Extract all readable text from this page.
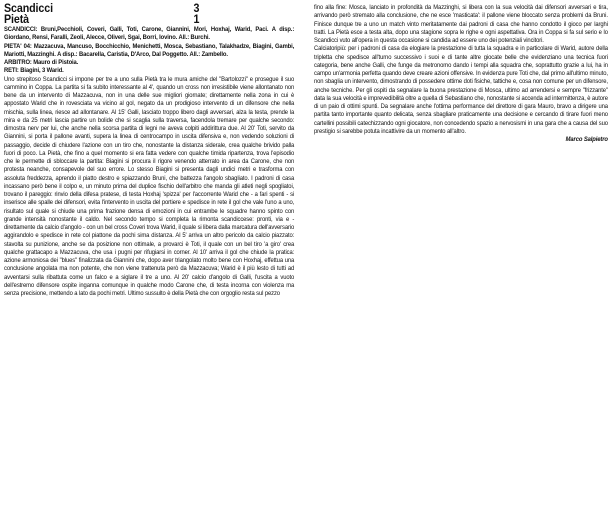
Scandicci	3
Pietà	1

SCANDICCI: Bruni,Pecchioli, Coveri, Galli, Toti, Carone, Giannini, Mori, Hoxhaj, Warid, Paci. A disp.: Giordano, Rensi, Faralli, Zeoli, Alecce, Oliveri, Sgai, Borri, Iovino. All.: Burchi.

PIETA' 04: Mazzacuva, Mancuso, Bocchicchio, Menichetti, Mosca, Sebastiano, Talakhadze, Biagini, Gambi, Mariotti, Mazzinghi. A disp.: Bacarella, Caristia, D'Arco, Dal Poggetto. All.: Zambello.

ARBITRO: Mauro di Pistoia.

RETI: Biagini, 3 Warid.

Uno strepitoso Scandicci si impone per tre a uno sulla Pietà tra le mura amiche del "Bartolozzi" e prosegue il suo cammino in Coppa. La partita si fa subito interessante al 4', quando un cross non irresistibile viene allontanato non bene da un intervento di Mazzacuva, non in una delle sue migliori giornate; direttamente nella zona in cui è appostato Warid che in rovesciata va vicino al gol, negato da un prodigioso intervento di un difensore che nella mischia, sulla linea, riesce ad allontanare. Al 15' Galli, lasciato troppo libero dagli avversari, alza la testa, prende la mira e da 25 metri lascia partire un bolide che si scaglia sulla traversa, facendola tremare per qualche secondo: dimostra nerv per lui, che anche nella scorsa partita di legni ne aveva colpiti addirittura due. Al 20' Toti, servito da Giannini, si porta il pallone avanti, supera la linea di centrocampo in uscita difensiva e, non vedendo soluzioni di passaggio, decide di chiudere l'azione con un tiro che, nonostante la distanza siderale, crea qualche brivido palla fuori di poco. La Pietà, che fino a quel momento si era fatta vedere con qualche timida ripartenza, trova l'episodio che le permette di sbloccare la partita: Biagini si procura il rigore venendo atterrato in area da Carone, che non protesta neanche, consapevole del suo errore. Lo stesso Biagini si presenta dagli undici metri e trasforma con assoluta freddezza, aprendo il piatto destro e spiazzando Bruni, che battezza l'angolo sbagliato. I padroni di casa incassano però bene il colpo e, un minuto prima del duplice fischio dell'arbitro che manda gli atleti negli spogliatoi, trovano il pareggio: rinvio della difesa pratese, di testa Hoxhaj 'spizza' per l'accorrente Warid che - a fari spenti - si inserisce alle spalle dei difensori, evita l'intervento in uscita del portiere e spedisce in rete il gol che vale l'uno a uno, risultato sul quale si chiude una prima frazione densa di emozioni in cui entrambe le squadre hanno spinto con grande intensità nonostante il caldo. Nel secondo tempo si completa la rimonta scandiccese: pronti, via e - direttamente da calcio d'angolo - con un bel cross Coveri trova Warid, il quale si libera dalla marcatura dell'avversario aggirandolo e spedisce in rete col piattone da pochi sima distanza. Al 5' arriva un altro pericolo da calcio piazzato: stavolta su punizione, anche se da posizione non ottimale, a provarci è Toti, il quale con un bel tiro 'a giro' crea qualche grattacapo a Mazzacuva, che usa i pugni per rifugiarsi in corner. Al 10' arriva il gol che chiude la pratica: azione armoniosa dei "blues" finalizzata da Giannini che, dopo aver triangolato molto bene con Hoxhaj, effettua una conclusione angolata ma non potente, che non viene trattenuta però da Mazzacuva; Warid è il più lesto di tutti ad avventarsi sulla ribattuta come un falco e a siglare il tre a uno. Al 20' calcio d'angolo di Galli, l'uscita a vuoto dell'estremo difensore ospite inganna comunque in qualche modo Carone che, di testa incorna con violenza ma senza precisione, mettendo a lato da pochi metri. Ultimo sussulto è della Pietà che con orgoglio resta sul pezzo

fino alla fine: Mosca, lanciato in profondità da Mazzinghi, si libera con la sua velocità dai difensori avversari e tira, arrivando però stremato alla conclusione, che ne esce 'masticata': il pallone viene bloccato senza problemi da Bruni. Finisce dunque tre a uno un match vinto meritatamente dai padroni di casa che hanno condotto il gioco per larghi tratti. La Pietà esce a testa alta, dopo una stagione sopra le righe e ogni aspettativa. Ora in Coppa si fa sul serio e lo Scandicci vuto all'opera in questa occasione si candida ad essere uno dei potenziali vincitori.
Calciatoripiù: per i padroni di casa da elogiare la prestazione di tutta la squadra e in particolare di Warid, autore della tripletta che spedisce all'turno successivo i suoi e di tante altre giocate belle che evidenziano una tecnica fuori categoria, bene anche Galli, che funge da metronomo dando i tempi alla squadra che, soprattutto grazie a lui, ha in campo un'armonia perfetta quando deve creare azioni offensive. In evidenza pure Toti che, dal primo all'ultimo minuto, non sbaglia un intervento, dimostrando di possedere ottime doti fisiche, tattiche e, cosa non comune per un difensore, anche tecniche. Per gli ospiti da segnalare la buona prestazione di Mosca, ultimo ad arrendersi e sempre "frizzante" data la sua velocità e imprevedibilità oltre a quella di Sebastiano che, nonostante si accenda ad intermittenza, è autore di un paio di ottimi spunti. Da segnalare anche l'ottima performance del direttore di gara Mauro, bravo a dirigere una partita tanto importante quanto delicata, senza sbagliare praticamente una decisione e cercando di tirare fuori meno cartellini possibili catechizzando ogni giocatore, non concedendo spazio a nervosismi in una gara che a causa del suo prestigio si sarebbe potuta incattivire da un momento all'altro.

Marco Salpietro
